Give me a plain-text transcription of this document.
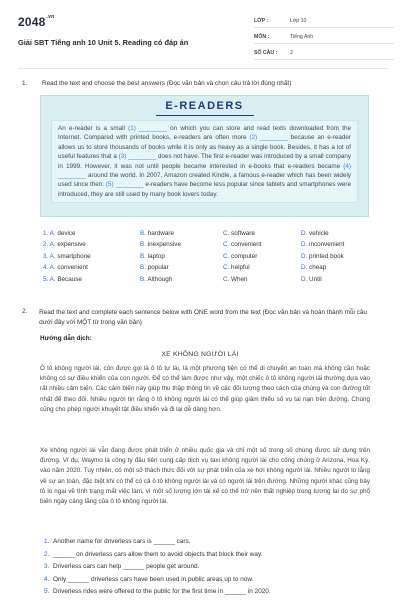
$2048^{.vn}$
Giải SBT Tiếng anh 10 Unit 5. Reading có đáp án
LỚP :	Lớp 10
MÔN :	Tiếng Anh
SỐ CÂU :	2
1.	Read the text and choose the best answers (Đọc văn bản và chọn câu trả lời đúng nhất)
E-READERS
An e-reader is a small (1) ________ on which you can store and read texts downloaded from the Internet. Compared with printed books, e-readers are often more (2) ________ because an e-reader allows us to store thousands of books while it is only as heavy as a single book. Besides, it has a lot of useful features that a (3) ________ does not have. The first e-reader was introduced by a small company in 1999. However, it was not until people became interested in e-books that e-readers became (4) ________ around the world. In 2007, Amazon created Kindle, a famous e-reader which has been widely used since then. (5) ________ e-readers have become less popular since tablets and smartphones were introduced, they are still used by many book lovers today.
1. A. device	B. hardware	C. software	D. vehicle
2. A. expensive	B. inexpensive	C. convenient	D. inconvenient
3. A. smartphone	B. laptop	C. computer	D. printed book
4. A. convenient	B. popular	C. helpful	D. cheap
5. A. Because	B. Although	C. When	D. Until
2.	Read the text and complete each sentence below with ONE word from the text (Đọc văn bản và hoàn thành mỗi câu dưới đây với MỘT từ trong văn bản)
Hướng dẫn dịch:
XE KHÔNG NGƯỜI LÁI
Ô tô không người lái, còn được gọi là ô tô tự lái, là một phương tiện có thể di chuyển an toàn mà không cần hoặc không có sự điều khiển của con người. Để có thể làm được như vậy, một chiếc ô tô không người lái thường dựa vào rất nhiều cảm biến. Các cảm biến này giúp thu thập thông tin về các đối tượng theo cách của chúng và con đường tốt nhất để theo đối. Nhiều người tin rằng ô tô không người lái có thể giúp giảm thiểu số vụ tai nạn trên đường. Chúng cũng cho phép người khuyết tật điều khiển và đi lại dễ dàng hơn.
Xe không người lái vẫn đang được phát triển ở nhiều quốc gia và chỉ một số trong số chúng được sử dụng trên đường. Ví dụ, Waymo là công ty đầu tiên cung cấp dịch vụ taxi không người lái cho công chúng ở Arizona, Hoa Kỳ, vào năm 2020. Tuy nhiên, có một số thách thức đối với sự phát triển của xe hơi không người lái. Nhiều người lo lắng về sự an toàn, đặc biệt khi có thể có cả ô tô không người lái và có người lái trên đường. Những người khác cũng bày tỏ lo ngại về tình trạng mất việc làm, vì một số lượng lớn tài xế có thể trở nên thất nghiệp trong tương lai do sự phổ biến ngày càng tăng của ô tô không người lái.
1. Another name for driverless cars is ______ cars.
2. ______ on driverless cars allow them to avoid objects that block their way.
3. Driverless cars can help ______ people get around.
4. Only ______ driverless cars have been used in public areas up to now.
5. Driverless rides were offered to the public for the first time in ______ in 2020.
